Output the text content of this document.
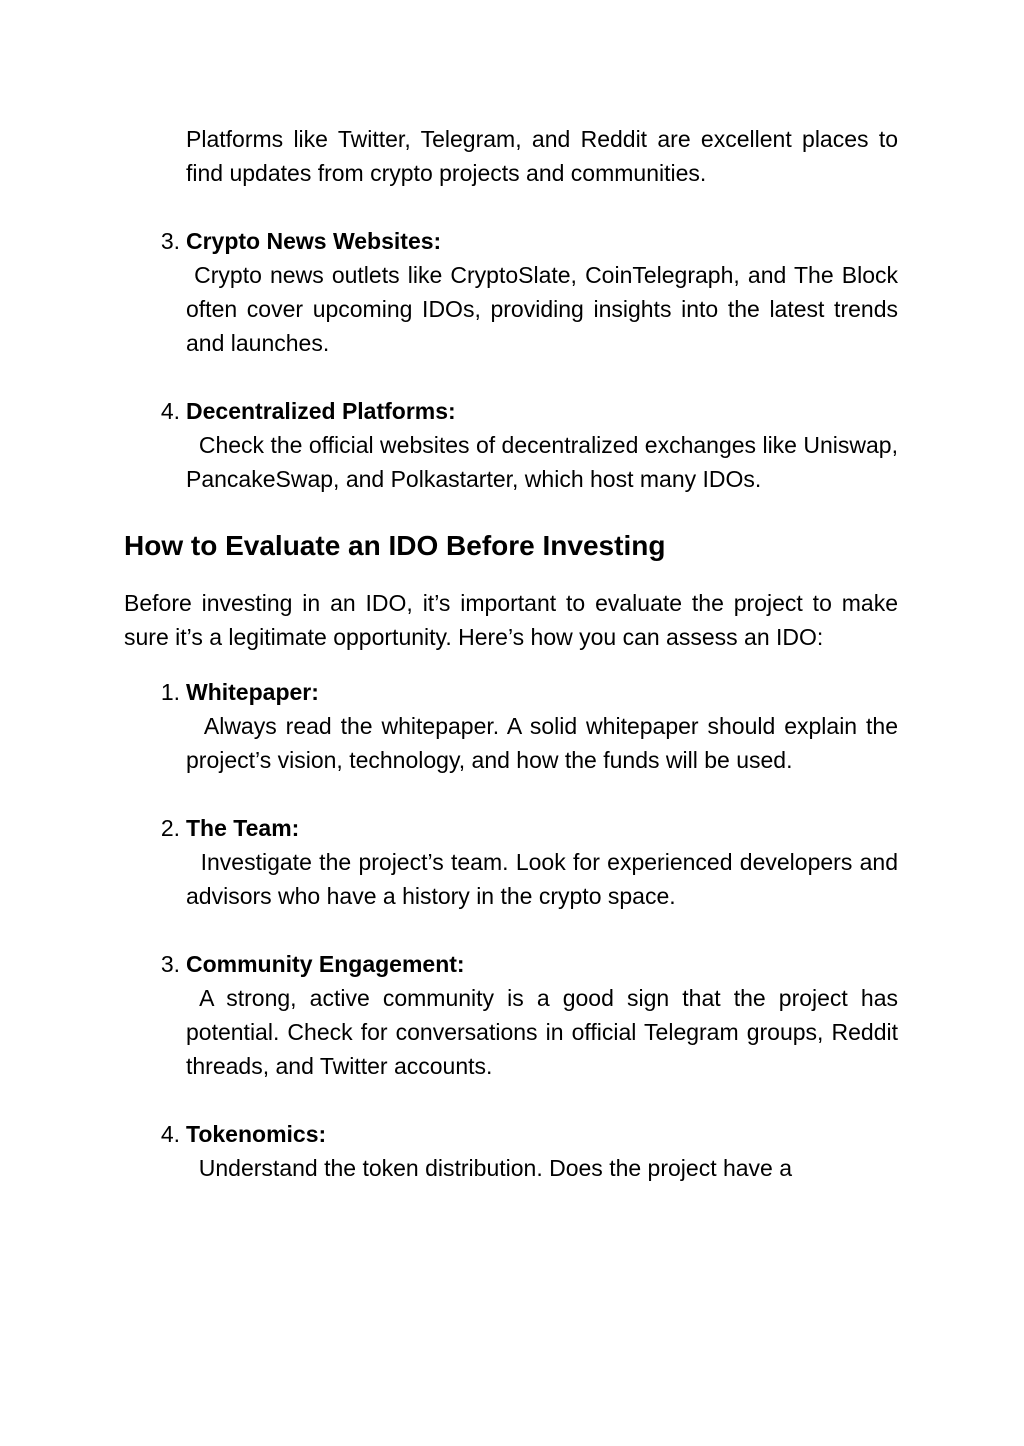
Platforms like Twitter, Telegram, and Reddit are excellent places to find updates from crypto projects and communities.

3. Crypto News Websites:
Crypto news outlets like CryptoSlate, CoinTelegraph, and The Block often cover upcoming IDOs, providing insights into the latest trends and launches.
4. Decentralized Platforms:
Check the official websites of decentralized exchanges like Uniswap, PancakeSwap, and Polkastarter, which host many IDOs.
How to Evaluate an IDO Before Investing

Before investing in an IDO, it’s important to evaluate the project to make sure it’s a legitimate opportunity. Here’s how you can assess an IDO:

1. Whitepaper:
Always read the whitepaper. A solid whitepaper should explain the project’s vision, technology, and how the funds will be used.
2. The Team:
Investigate the project’s team. Look for experienced developers and advisors who have a history in the crypto space.
3. Community Engagement:
A strong, active community is a good sign that the project has potential. Check for conversations in official Telegram groups, Reddit threads, and Twitter accounts.
4. Tokenomics:
Understand the token distribution. Does the project have a
